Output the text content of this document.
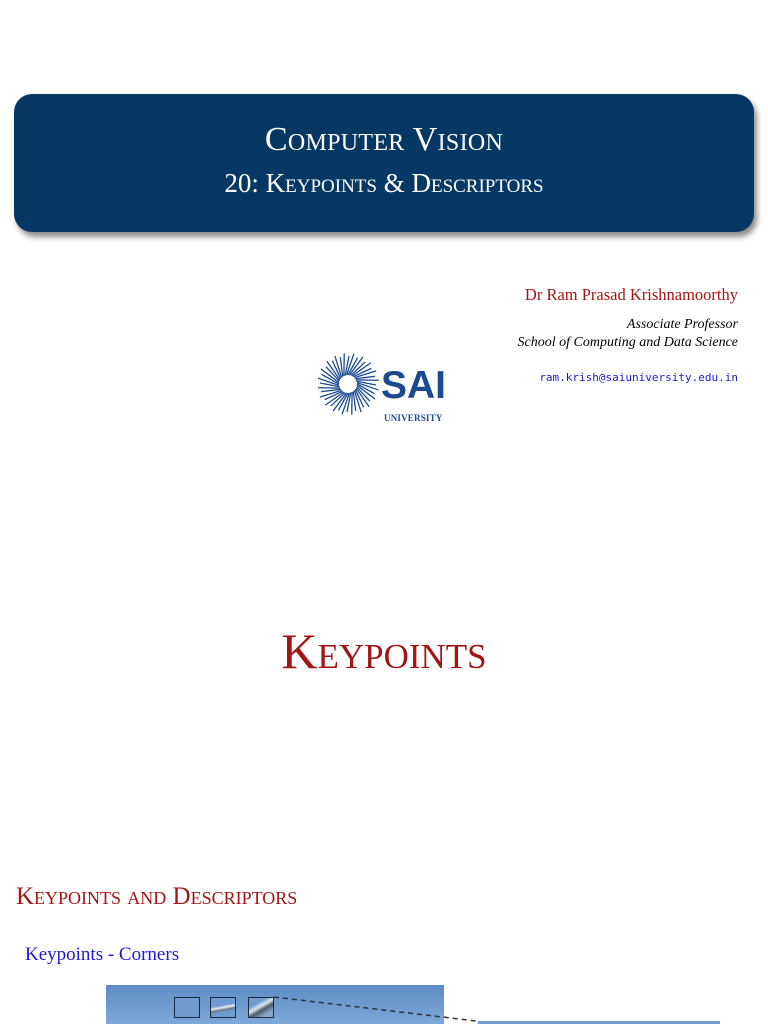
Computer Vision
20: Keypoints & Descriptors
Dr Ram Prasad Krishnamoorthy
Associate Professor
School of Computing and Data Science
ram.krish@saiuniversity.edu.in
SAI
UNIVERSITY
Keypoints
Keypoints and Descriptors
Keypoints - Corners
